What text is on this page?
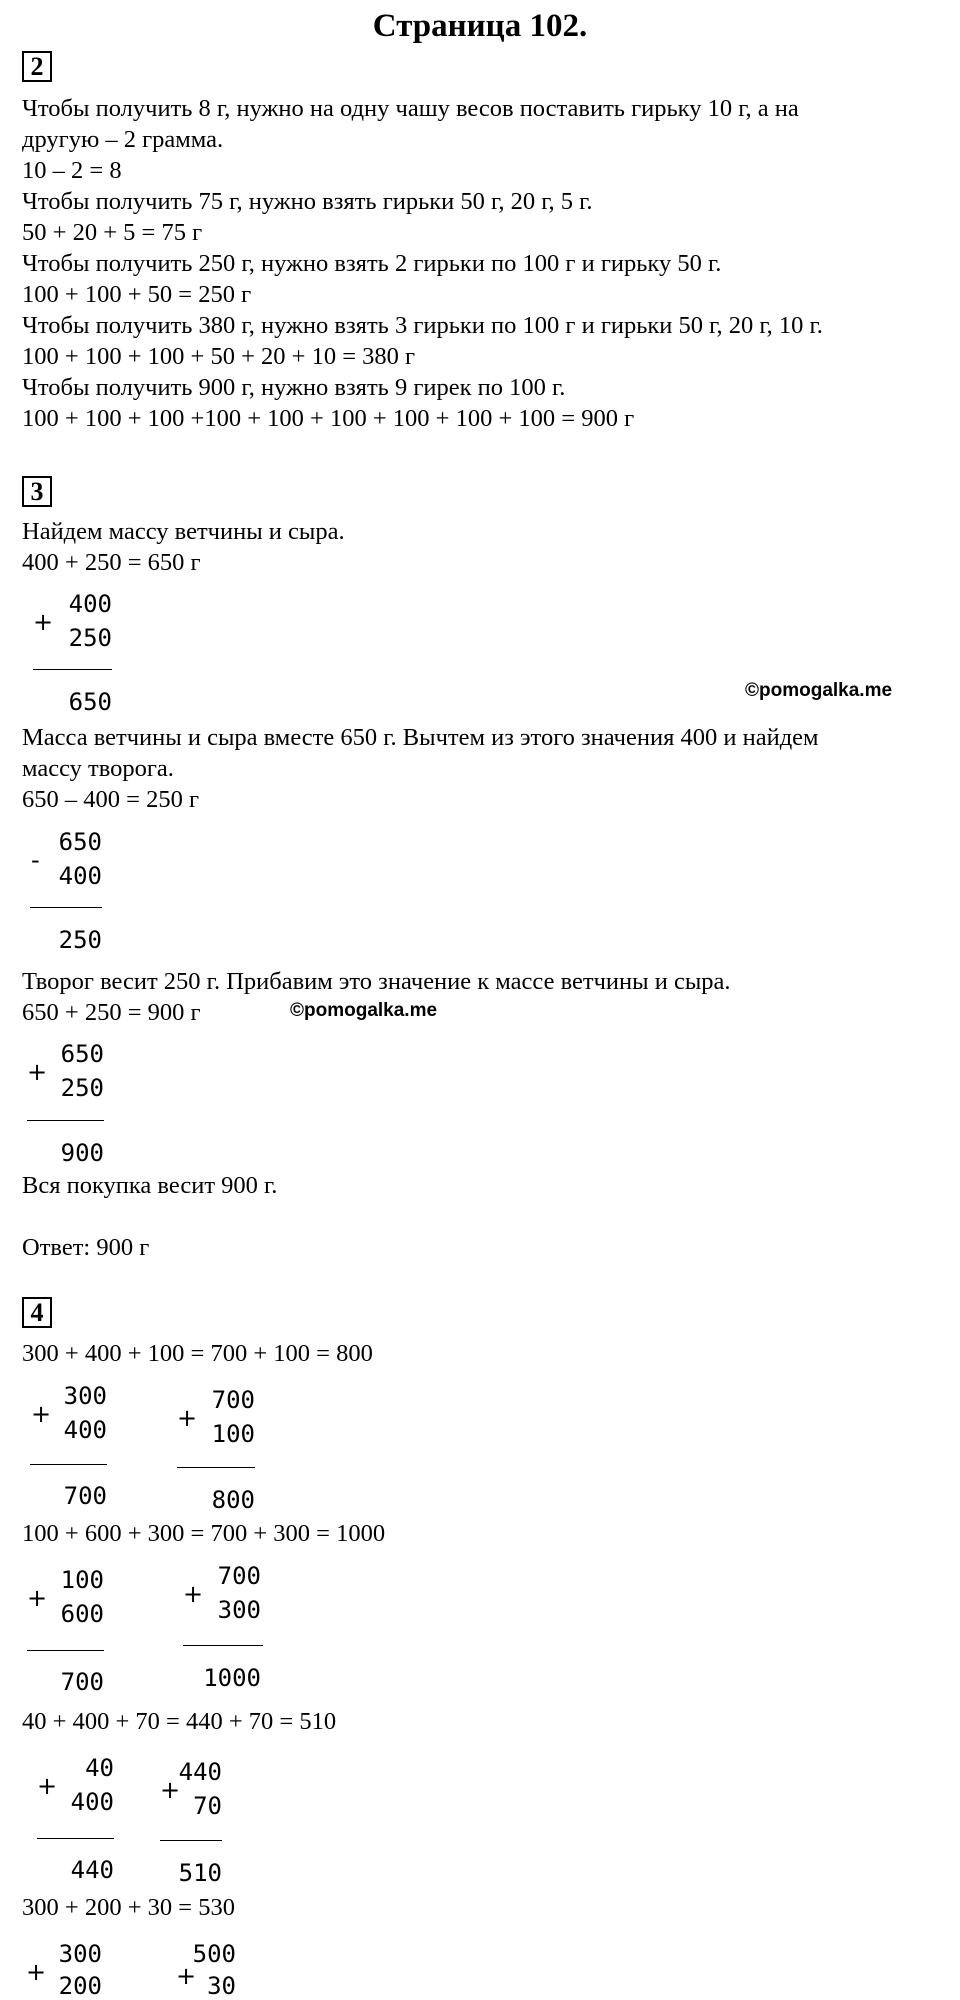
Страница 102.
2
Чтобы получить 8 г, нужно на одну чашу весов поставить гирьку 10 г, а на
другую – 2 грамма.
10 – 2 = 8
Чтобы получить 75 г, нужно взять гирьки 50 г, 20 г, 5 г.
50 + 20 + 5 = 75 г
Чтобы получить 250 г, нужно взять 2 гирьки по 100 г и гирьку 50 г.
100 + 100 + 50 = 250 г
Чтобы получить 380 г, нужно взять 3 гирьки по 100 г и гирьки 50 г, 20 г, 10 г.
100 + 100 + 100 + 50 + 20 + 10 = 380 г
Чтобы получить 900 г, нужно взять 9 гирек по 100 г.
100 + 100 + 100 +100 + 100 + 100 + 100 + 100 + 100 = 900 г
3
Найдем массу ветчины и сыра.
400 + 250 = 650 г
+
400
250
650	©pomogalka.me
Масса ветчины и сыра вместе 650 г. Вычтем из этого значения 400 и найдем
массу творога.
650 – 400 = 250 г
-
650
400
250
Творог весит 250 г. Прибавим это значение к массе ветчины и сыра.
650 + 250 = 900 г	©pomogalka.me
+
650
250
900
Вся покупка весит 900 г.
Ответ: 900 г
4
300 + 400 + 100 = 700 + 100 = 800
+
300
400
700
+
700
100
800
100 + 600 + 300 = 700 + 300 = 1000
+
100
600
700
+
700
300
1000
40 + 400 + 70 = 440 + 70 = 510
+
40
400
440
+
440
70
510
300 + 200 + 30 = 530
+
300
200	+
500
30
